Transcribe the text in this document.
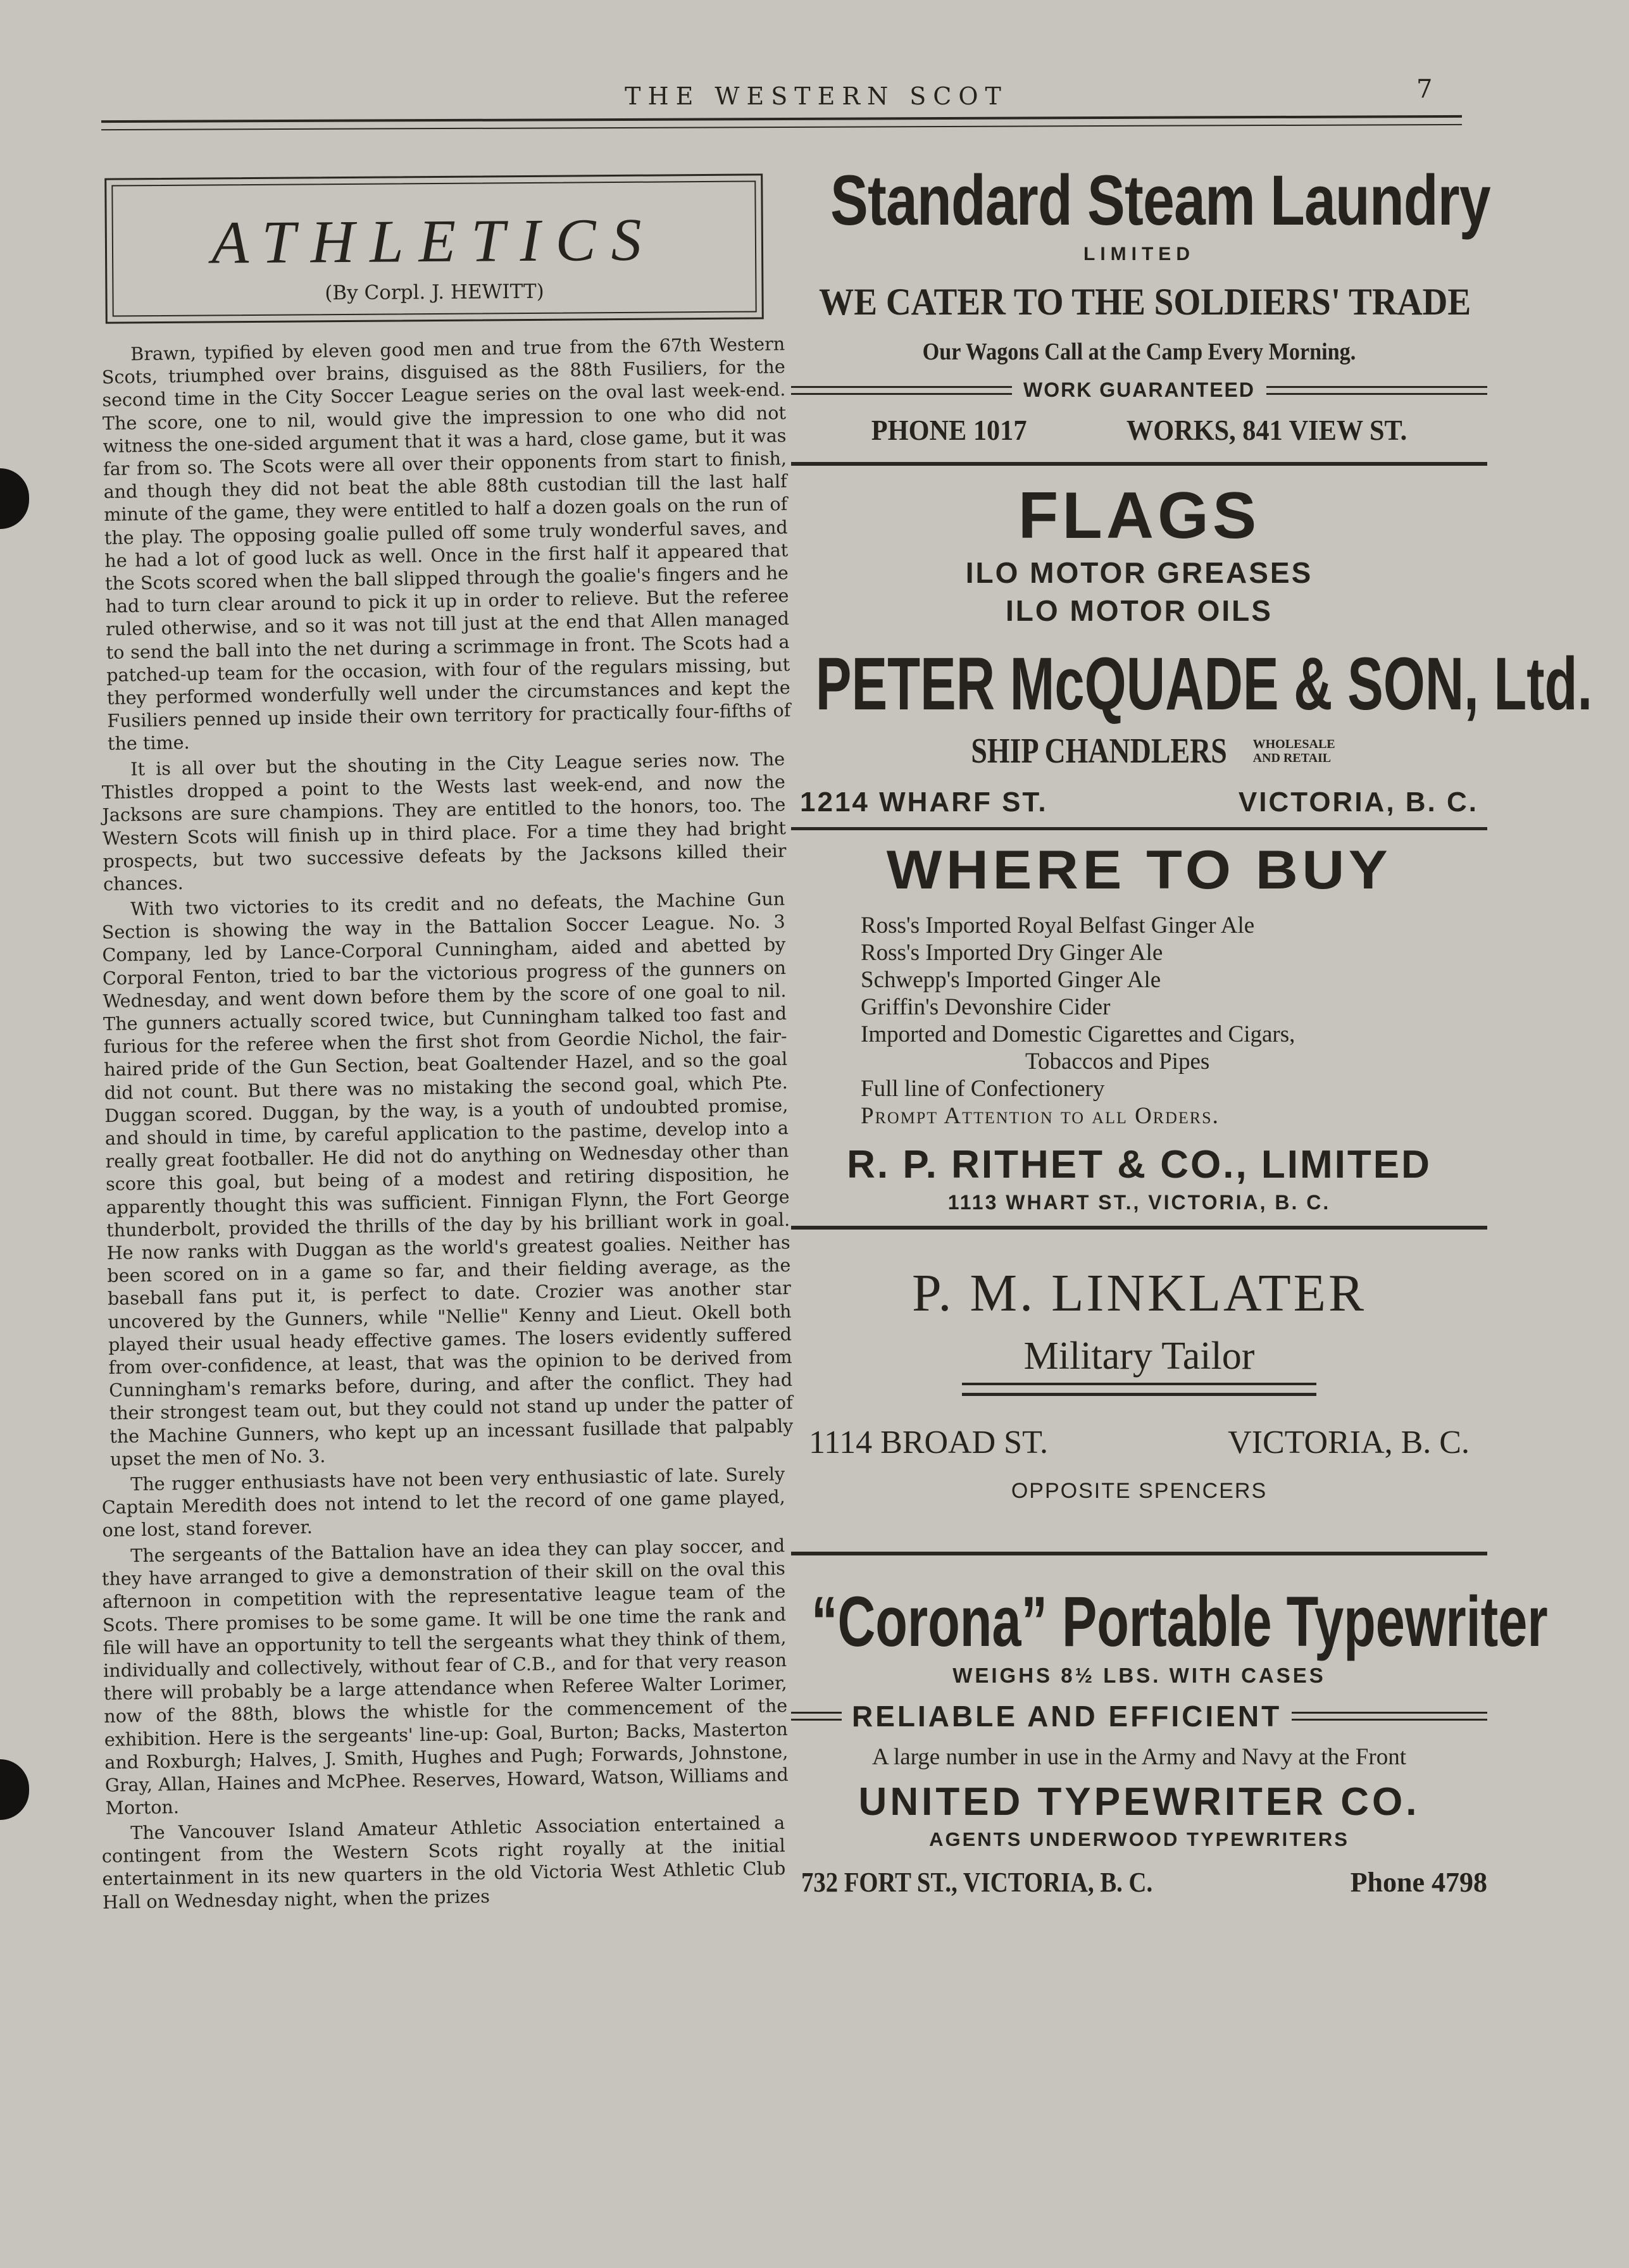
THE WESTERN SCOT	7
ATHLETICS
(By Corpl. J. HEWITT)

Brawn, typified by eleven good men and true from the 67th Western Scots, triumphed over brains, disguised as the 88th Fusiliers, for the second time in the City Soccer League series on the oval last week-end. The score, one to nil, would give the impression to one who did not witness the one-sided argument that it was a hard, close game, but it was far from so. The Scots were all over their opponents from start to finish, and though they did not beat the able 88th custodian till the last half minute of the game, they were entitled to half a dozen goals on the run of the play. The opposing goalie pulled off some truly wonderful saves, and he had a lot of good luck as well. Once in the first half it appeared that the Scots scored when the ball slipped through the goalie's fingers and he had to turn clear around to pick it up in order to relieve. But the referee ruled otherwise, and so it was not till just at the end that Allen managed to send the ball into the net during a scrimmage in front. The Scots had a patched-up team for the occasion, with four of the regulars missing, but they performed wonderfully well under the circumstances and kept the Fusiliers penned up inside their own territory for practically four-fifths of the time.

It is all over but the shouting in the City League series now. The Thistles dropped a point to the Wests last week-end, and now the Jacksons are sure champions. They are entitled to the honors, too. The Western Scots will finish up in third place. For a time they had bright prospects, but two successive defeats by the Jacksons killed their chances.

With two victories to its credit and no defeats, the Machine Gun Section is showing the way in the Battalion Soccer League. No. 3 Company, led by Lance-Corporal Cunningham, aided and abetted by Corporal Fenton, tried to bar the victorious progress of the gunners on Wednesday, and went down before them by the score of one goal to nil. The gunners actually scored twice, but Cunningham talked too fast and furious for the referee when the first shot from Geordie Nichol, the fair-haired pride of the Gun Section, beat Goaltender Hazel, and so the goal did not count. But there was no mistaking the second goal, which Pte. Duggan scored. Duggan, by the way, is a youth of undoubted promise, and should in time, by careful application to the pastime, develop into a really great footballer. He did not do anything on Wednesday other than score this goal, but being of a modest and retiring disposition, he apparently thought this was sufficient. Finnigan Flynn, the Fort George thunderbolt, provided the thrills of the day by his brilliant work in goal. He now ranks with Duggan as the world's greatest goalies. Neither has been scored on in a game so far, and their fielding average, as the baseball fans put it, is perfect to date. Crozier was another star uncovered by the Gunners, while "Nellie" Kenny and Lieut. Okell both played their usual heady effective games. The losers evidently suffered from over-confidence, at least, that was the opinion to be derived from Cunningham's remarks before, during, and after the conflict. They had their strongest team out, but they could not stand up under the patter of the Machine Gunners, who kept up an incessant fusillade that palpably upset the men of No. 3.

The rugger enthusiasts have not been very enthusiastic of late. Surely Captain Meredith does not intend to let the record of one game played, one lost, stand forever.

The sergeants of the Battalion have an idea they can play soccer, and they have arranged to give a demonstration of their skill on the oval this afternoon in competition with the representative league team of the Scots. There promises to be some game. It will be one time the rank and file will have an opportunity to tell the sergeants what they think of them, individually and collectively, without fear of C.B., and for that very reason there will probably be a large attendance when Referee Walter Lorimer, now of the 88th, blows the whistle for the commencement of the exhibition. Here is the sergeants' line-up: Goal, Burton; Backs, Masterton and Roxburgh; Halves, J. Smith, Hughes and Pugh; Forwards, Johnstone, Gray, Allan, Haines and McPhee. Reserves, Howard, Watson, Williams and Morton.

The Vancouver Island Amateur Athletic Association entertained a contingent from the Western Scots right royally at the initial entertainment in its new quarters in the old Victoria West Athletic Club Hall on Wednesday night, when the prizes

Standard Steam Laundry
LIMITED
WE CATER TO THE SOLDIERS' TRADE
Our Wagons Call at the Camp Every Morning.
WORK GUARANTEED
PHONE 1017	WORKS, 841 VIEW ST.
FLAGS
ILO MOTOR GREASES
ILO MOTOR OILS
PETER McQUADE & SON, Ltd.
SHIP CHANDLERS WHOLESALE
AND RETAIL
1214 WHARF ST.	VICTORIA, B. C.
WHERE TO BUY
Ross's Imported Royal Belfast Ginger Ale
Ross's Imported Dry Ginger Ale
Schwepp's Imported Ginger Ale
Griffin's Devonshire Cider
Imported and Domestic Cigarettes and Cigars,
Tobaccos and Pipes
Full line of Confectionery
Prompt Attention to all Orders.
R. P. RITHET & CO., LIMITED
1113 WHART ST., VICTORIA, B. C.
P. M. LINKLATER
Military Tailor
1114 BROAD ST.	VICTORIA, B. C.
OPPOSITE SPENCERS
“Corona” Portable Typewriter
WEIGHS 8½ LBS. WITH CASES
RELIABLE AND EFFICIENT
A large number in use in the Army and Navy at the Front
UNITED TYPEWRITER CO.
AGENTS UNDERWOOD TYPEWRITERS
732 FORT ST., VICTORIA, B. C.	Phone 4798
